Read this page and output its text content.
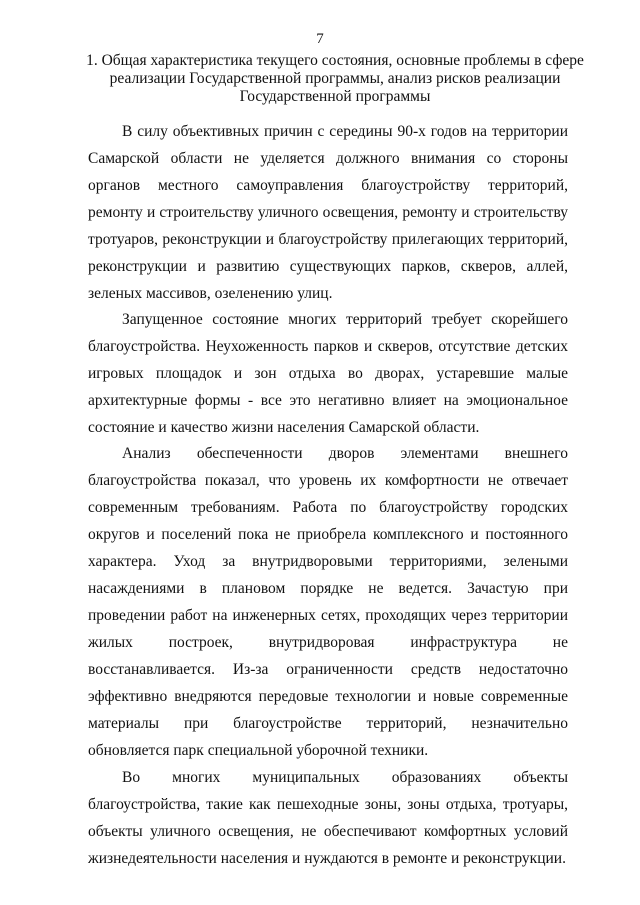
7
1. Общая характеристика текущего состояния, основные проблемы в сфере реализации Государственной программы, анализ рисков реализации Государственной программы

В силу объективных причин с середины 90-х годов на территории Самарской области не уделяется должного внимания со стороны органов местного самоуправления благоустройству территорий, ремонту и строительству уличного освещения, ремонту и строительству тротуаров, реконструкции и благоустройству прилегающих территорий, реконструкции и развитию существующих парков, скверов, аллей, зеленых массивов, озеленению улиц.

Запущенное состояние многих территорий требует скорейшего благоустройства. Неухоженность парков и скверов, отсутствие детских игровых площадок и зон отдыха во дворах, устаревшие малые архитектурные формы - все это негативно влияет на эмоциональное состояние и качество жизни населения Самарской области.

Анализ обеспеченности дворов элементами внешнего благоустройства показал, что уровень их комфортности не отвечает современным требованиям. Работа по благоустройству городских округов и поселений пока не приобрела комплексного и постоянного характера. Уход за внутридворовыми территориями, зелеными насаждениями в плановом порядке не ведется. Зачастую при проведении работ на инженерных сетях, проходящих через территории жилых построек, внутридворовая инфраструктура не восстанавливается. Из-за ограниченности средств недостаточно эффективно внедряются передовые технологии и новые современные материалы при благоустройстве территорий, незначительно обновляется парк специальной уборочной техники.

Во многих муниципальных образованиях объекты благоустройства, такие как пешеходные зоны, зоны отдыха, тротуары, объекты уличного освещения, не обеспечивают комфортных условий жизнедеятельности населения и нуждаются в ремонте и реконструкции.
